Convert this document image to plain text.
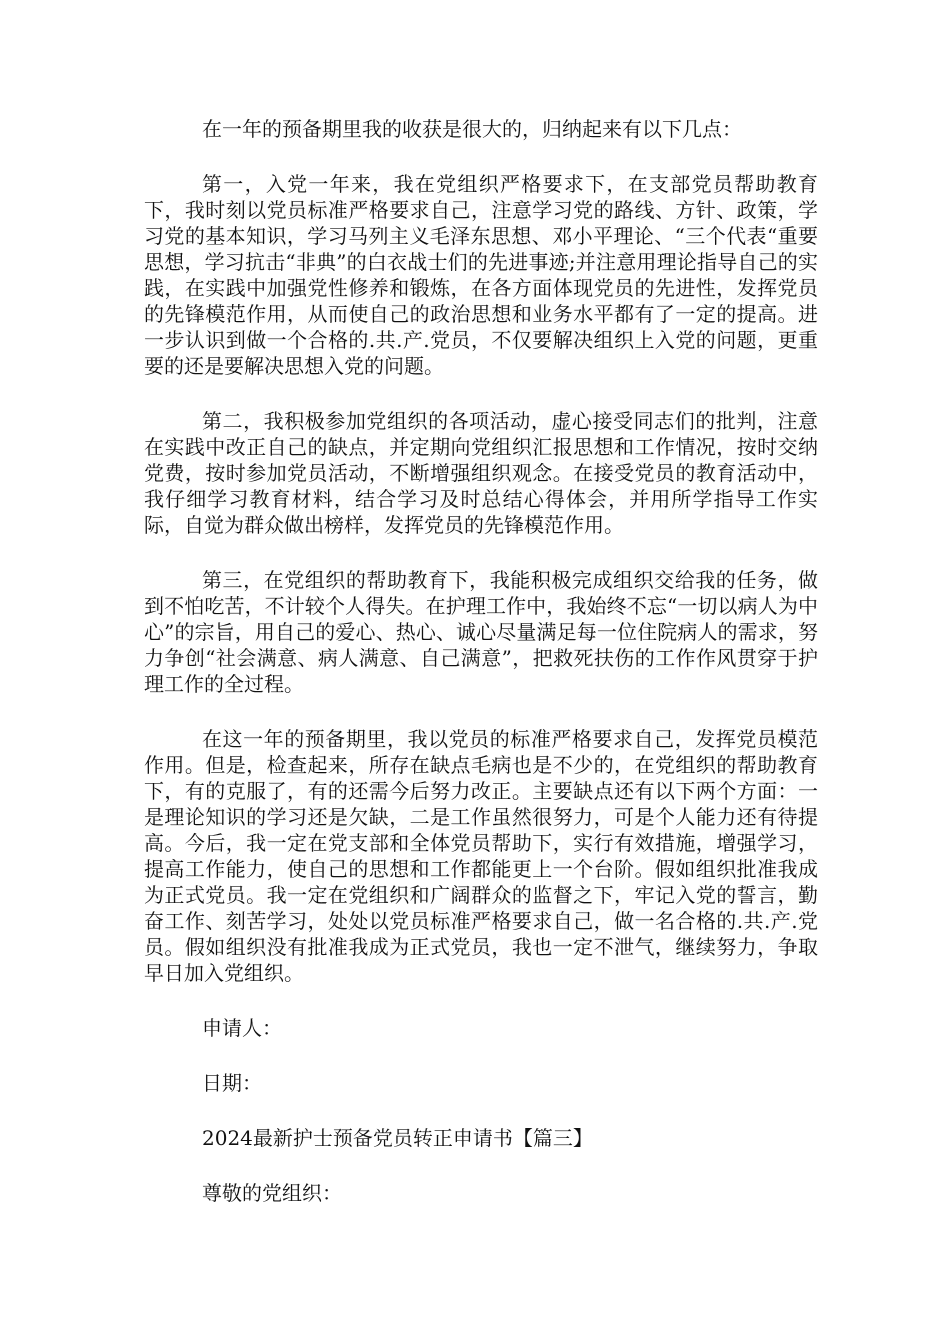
在一年的预备期里我的收获是很大的，归纳起来有以下几点：

第一，入党一年来，我在党组织严格要求下，在支部党员帮助教育下，我时刻以党员标准严格要求自己，注意学习党的路线、方针、政策，学习党的基本知识，学习马列主义毛泽东思想、邓小平理论、“三个代表“重要思想，学习抗击“非典”的白衣战士们的先进事迹;并注意用理论指导自己的实践，在实践中加强党性修养和锻炼，在各方面体现党员的先进性，发挥党员的先锋模范作用，从而使自己的政治思想和业务水平都有了一定的提高。进一步认识到做一个合格的.共.产.党员，不仅要解决组织上入党的问题，更重要的还是要解决思想入党的问题。

第二，我积极参加党组织的各项活动，虚心接受同志们的批判，注意在实践中改正自己的缺点，并定期向党组织汇报思想和工作情况，按时交纳党费，按时参加党员活动，不断增强组织观念。在接受党员的教育活动中，我仔细学习教育材料，结合学习及时总结心得体会，并用所学指导工作实际，自觉为群众做出榜样，发挥党员的先锋模范作用。

第三，在党组织的帮助教育下，我能积极完成组织交给我的任务，做到不怕吃苦，不计较个人得失。在护理工作中，我始终不忘“一切以病人为中心”的宗旨，用自己的爱心、热心、诚心尽量满足每一位住院病人的需求，努力争创“社会满意、病人满意、自己满意”，把救死扶伤的工作作风贯穿于护理工作的全过程。

在这一年的预备期里，我以党员的标准严格要求自己，发挥党员模范作用。但是，检查起来，所存在缺点毛病也是不少的，在党组织的帮助教育下，有的克服了，有的还需今后努力改正。主要缺点还有以下两个方面：一是理论知识的学习还是欠缺，二是工作虽然很努力，可是个人能力还有待提高。今后，我一定在党支部和全体党员帮助下，实行有效措施，增强学习，提高工作能力，使自己的思想和工作都能更上一个台阶。假如组织批准我成为正式党员。我一定在党组织和广阔群众的监督之下，牢记入党的誓言，勤奋工作、刻苦学习，处处以党员标准严格要求自己，做一名合格的.共.产.党员。假如组织没有批准我成为正式党员，我也一定不泄气，继续努力，争取早日加入党组织。

申请人：

日期：

2024最新护士预备党员转正申请书【篇三】

尊敬的党组织：
